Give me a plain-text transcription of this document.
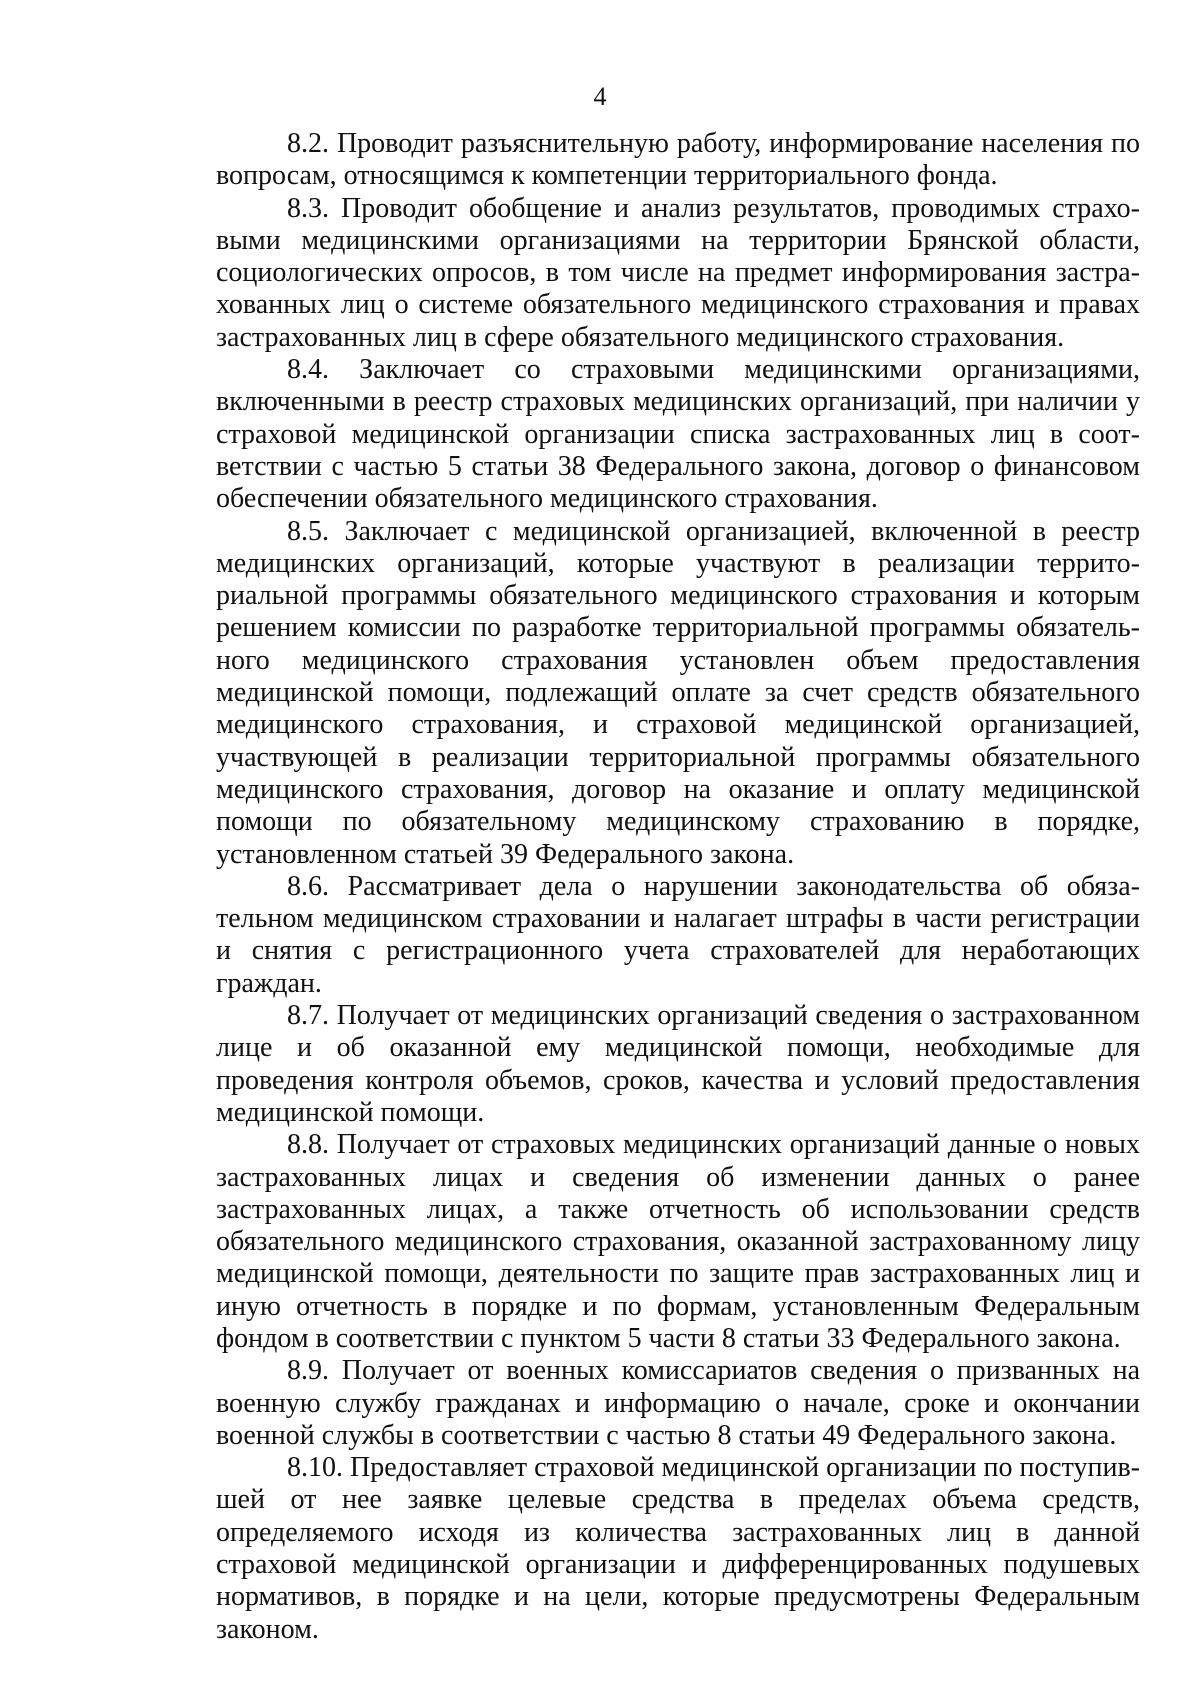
4

8.2. Проводит разъяснительную работу, информирование населения по вопросам, относящимся к компетенции территориального фонда.

8.3. Проводит обобщение и анализ результатов, проводимых страховыми медицинскими организациями на территории Брянской области, социологических опросов, в том числе на предмет информирования застрахованных лиц о системе обязательного медицинского страхования и правах застрахованных лиц в сфере обязательного медицинского страхования.

8.4. Заключает со страховыми медицинскими организациями, включенными в реестр страховых медицинских организаций, при наличии у страховой медицинской организации списка застрахованных лиц в соответствии с частью 5 статьи 38 Федерального закона, договор о финансовом обеспечении обязательного медицинского страхования.

8.5. Заключает с медицинской организацией, включенной в реестр медицинских организаций, которые участвуют в реализации территориальной программы обязательного медицинского страхования и которым решением комиссии по разработке территориальной программы обязательного медицинского страхования установлен объем предоставления медицинской помощи, подлежащий оплате за счет средств обязательного медицинского страхования, и страховой медицинской организацией, участвующей в реализации территориальной программы обязательного медицинского страхования, договор на оказание и оплату медицинской помощи по обязательному медицинскому страхованию в порядке, установленном статьей 39 Федерального закона.

8.6. Рассматривает дела о нарушении законодательства об обязательном медицинском страховании и налагает штрафы в части регистрации и снятия с регистрационного учета страхователей для неработающих граждан.

8.7. Получает от медицинских организаций сведения о застрахованном лице и об оказанной ему медицинской помощи, необходимые для проведения контроля объемов, сроков, качества и условий предоставления медицинской помощи.

8.8. Получает от страховых медицинских организаций данные о новых застрахованных лицах и сведения об изменении данных о ранее застрахованных лицах, а также отчетность об использовании средств обязательного медицинского страхования, оказанной застрахованному лицу медицинской помощи, деятельности по защите прав застрахованных лиц и иную отчетность в порядке и по формам, установленным Федеральным фондом в соответствии с пунктом 5 части 8 статьи 33 Федерального закона.

8.9. Получает от военных комиссариатов сведения о призванных на военную службу гражданах и информацию о начале, сроке и окончании военной службы в соответствии с частью 8 статьи 49 Федерального закона.

8.10. Предоставляет страховой медицинской организации по поступившей от нее заявке целевые средства в пределах объема средств, определяемого исходя из количества застрахованных лиц в данной страховой медицинской организации и дифференцированных подушевых нормативов, в порядке и на цели, которые предусмотрены Федеральным законом.
